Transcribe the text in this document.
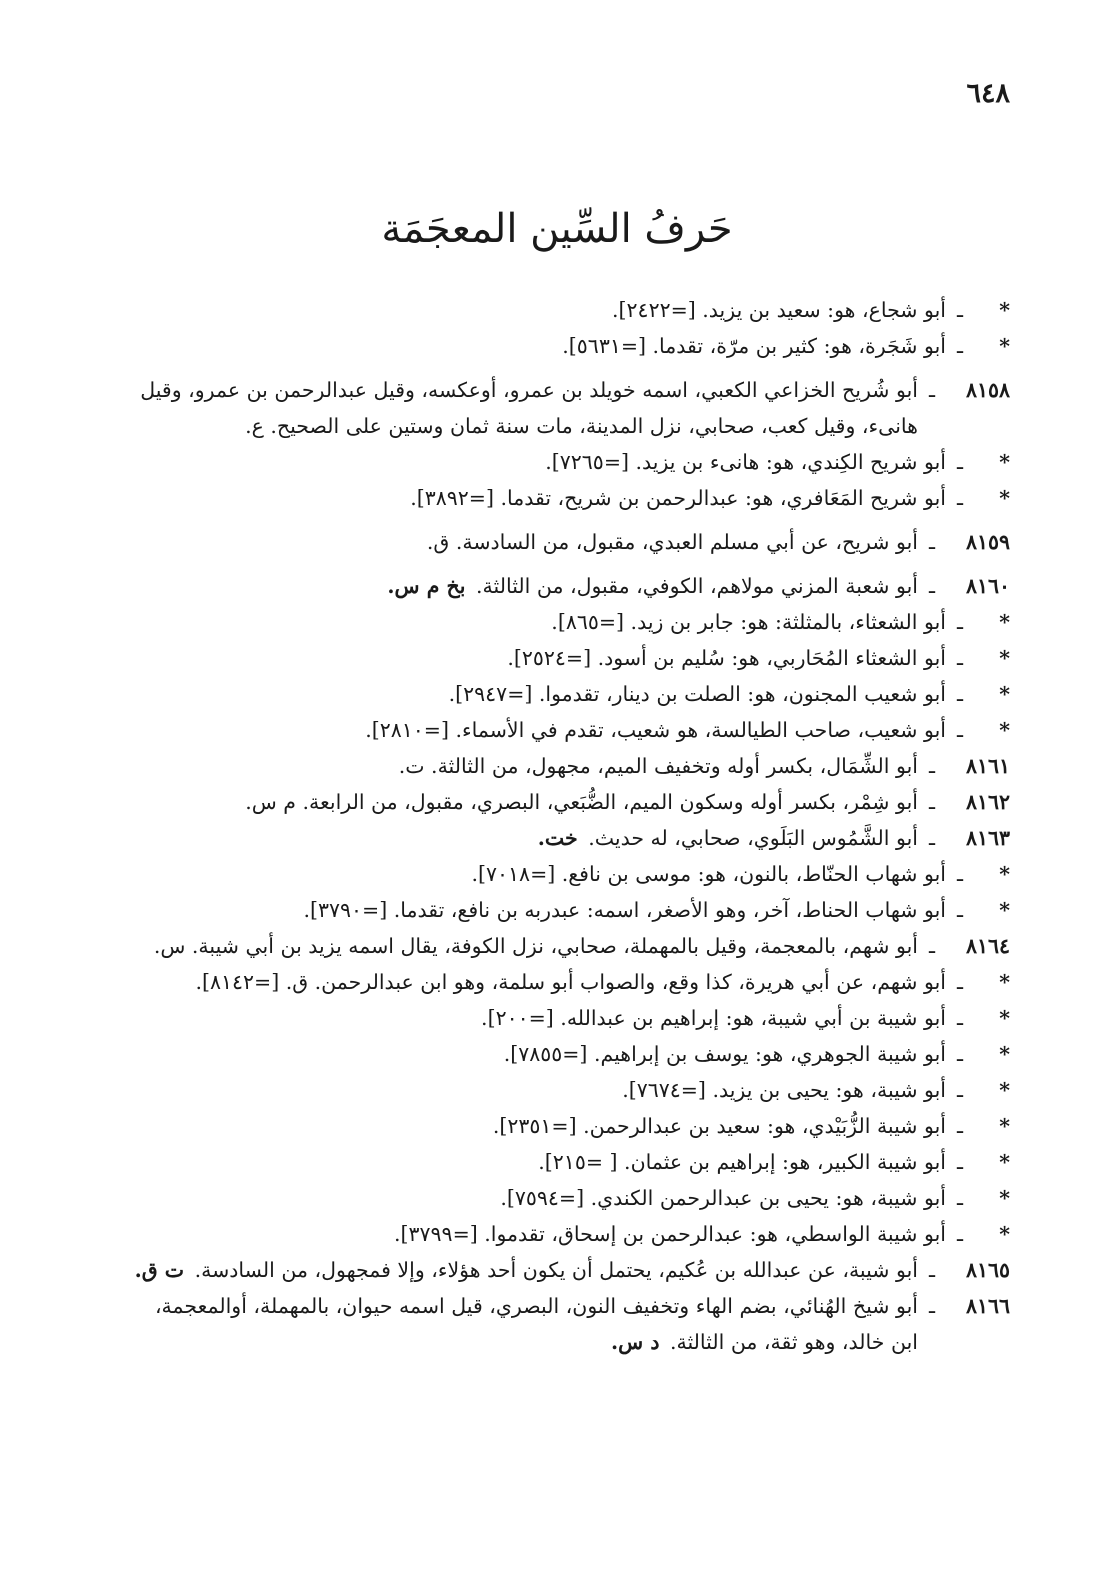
٦٤٨
حَرفُ السِّين المعجَمَة
*
ـ
أبو شجاع، هو: سعيد بن يزيد. [=٢٤٢٢].
*
ـ
أبو شَجَرة، هو: كثير بن مرّة، تقدما. [=٥٦٣١].
٨١٥٨
ـ
أبو شُريح الخزاعي الكعبي، اسمه خويلد بن عمرو، أوعكسه، وقيل عبدالرحمن بن عمرو، وقيل
هانىء، وقيل كعب، صحابي، نزل المدينة، مات سنة ثمان وستين على الصحيح. ع.
*
ـ
أبو شريح الكِندي، هو: هانىء بن يزيد. [=٧٢٦٥].
*
ـ
أبو شريح المَعَافري، هو: عبدالرحمن بن شريح، تقدما. [=٣٨٩٢].
٨١٥٩
ـ
أبو شريح، عن أبي مسلم العبدي، مقبول، من السادسة. ق.
٨١٦٠
ـ
أبو شعبة المزني مولاهم، الكوفي، مقبول، من الثالثة. بخ م س.
*
ـ
أبو الشعثاء، بالمثلثة: هو: جابر بن زيد. [=٨٦٥].
*
ـ
أبو الشعثاء المُحَاربي، هو: سُليم بن أسود. [=٢٥٢٤].
*
ـ
أبو شعيب المجنون، هو: الصلت بن دينار، تقدموا. [=٢٩٤٧].
*
ـ
أبو شعيب، صاحب الطيالسة، هو شعيب، تقدم في الأسماء. [=٢٨١٠].
٨١٦١
ـ
أبو الشِّمَال، بكسر أوله وتخفيف الميم، مجهول، من الثالثة. ت.
٨١٦٢
ـ
أبو شِمْر، بكسر أوله وسكون الميم، الضُّبَعي، البصري، مقبول، من الرابعة. م س.
٨١٦٣
ـ
أبو الشَّمُوس البَلَوي، صحابي، له حديث. خت.
*
ـ
أبو شهاب الحنّاط، بالنون، هو: موسى بن نافع. [=٧٠١٨].
*
ـ
أبو شهاب الحناط، آخر، وهو الأصغر، اسمه: عبدربه بن نافع، تقدما. [=٣٧٩٠].
٨١٦٤
ـ
أبو شهم، بالمعجمة، وقيل بالمهملة، صحابي، نزل الكوفة، يقال اسمه يزيد بن أبي شيبة. س.
*
ـ
أبو شهم، عن أبي هريرة، كذا وقع، والصواب أبو سلمة، وهو ابن عبدالرحمن. ق. [=٨١٤٢].
*
ـ
أبو شيبة بن أبي شيبة، هو: إبراهيم بن عبدالله. [=٢٠٠].
*
ـ
أبو شيبة الجوهري، هو: يوسف بن إبراهيم. [=٧٨٥٥].
*
ـ
أبو شيبة، هو: يحيى بن يزيد. [=٧٦٧٤].
*
ـ
أبو شيبة الزُّبَيْدي، هو: سعيد بن عبدالرحمن. [=٢٣٥١].
*
ـ
أبو شيبة الكبير، هو: إبراهيم بن عثمان. [ =٢١٥].
*
ـ
أبو شيبة، هو: يحيى بن عبدالرحمن الكندي. [=٧٥٩٤].
*
ـ
أبو شيبة الواسطي، هو: عبدالرحمن بن إسحاق، تقدموا. [=٣٧٩٩].
٨١٦٥
ـ
أبو شيبة، عن عبدالله بن عُكيم، يحتمل أن يكون أحد هؤلاء، وإلا فمجهول، من السادسة. ت ق.
٨١٦٦
ـ
أبو شيخ الهُنائي، بضم الهاء وتخفيف النون، البصري، قيل اسمه حيوان، بالمهملة، أوالمعجمة،
ابن خالد، وهو ثقة، من الثالثة. د س.
